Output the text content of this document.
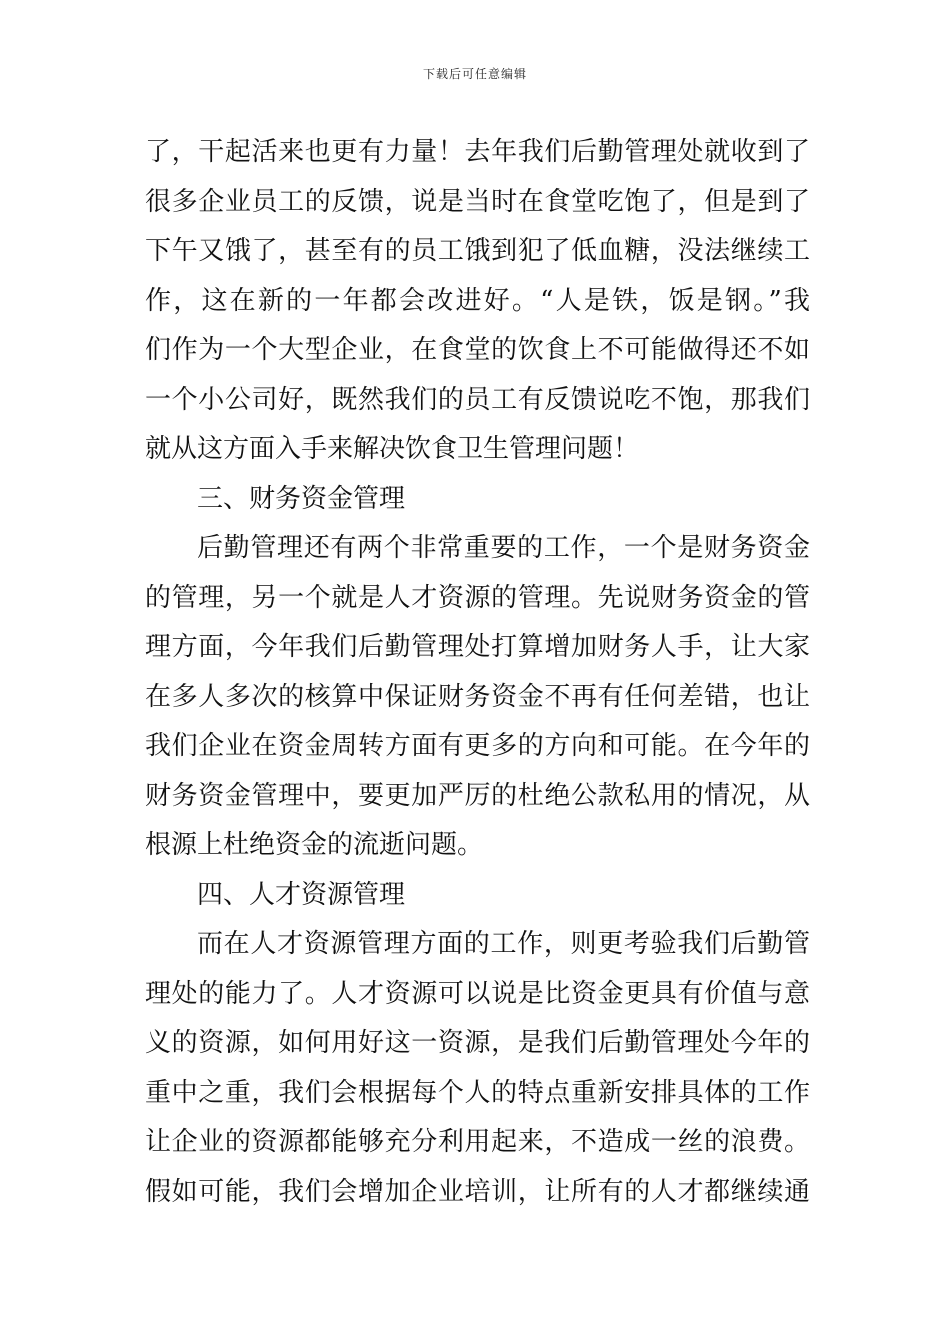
下载后可任意编辑
了，干起活来也更有力量！去年我们后勤管理处就收到了
很多企业员工的反馈，说是当时在食堂吃饱了，但是到了
下午又饿了，甚至有的员工饿到犯了低血糖，没法继续工
作，这在新的一年都会改进好。“人是铁，饭是钢。”我
们作为一个大型企业，在食堂的饮食上不可能做得还不如
一个小公司好，既然我们的员工有反馈说吃不饱，那我们
就从这方面入手来解决饮食卫生管理问题！
三、财务资金管理
后勤管理还有两个非常重要的工作，一个是财务资金
的管理，另一个就是人才资源的管理。先说财务资金的管
理方面，今年我们后勤管理处打算增加财务人手，让大家
在多人多次的核算中保证财务资金不再有任何差错，也让
我们企业在资金周转方面有更多的方向和可能。在今年的
财务资金管理中，要更加严厉的杜绝公款私用的情况，从
根源上杜绝资金的流逝问题。
四、人才资源管理
而在人才资源管理方面的工作，则更考验我们后勤管
理处的能力了。人才资源可以说是比资金更具有价值与意
义的资源，如何用好这一资源，是我们后勤管理处今年的
重中之重，我们会根据每个人的特点重新安排具体的工作
让企业的资源都能够充分利用起来，不造成一丝的浪费。
假如可能，我们会增加企业培训，让所有的人才都继续通
